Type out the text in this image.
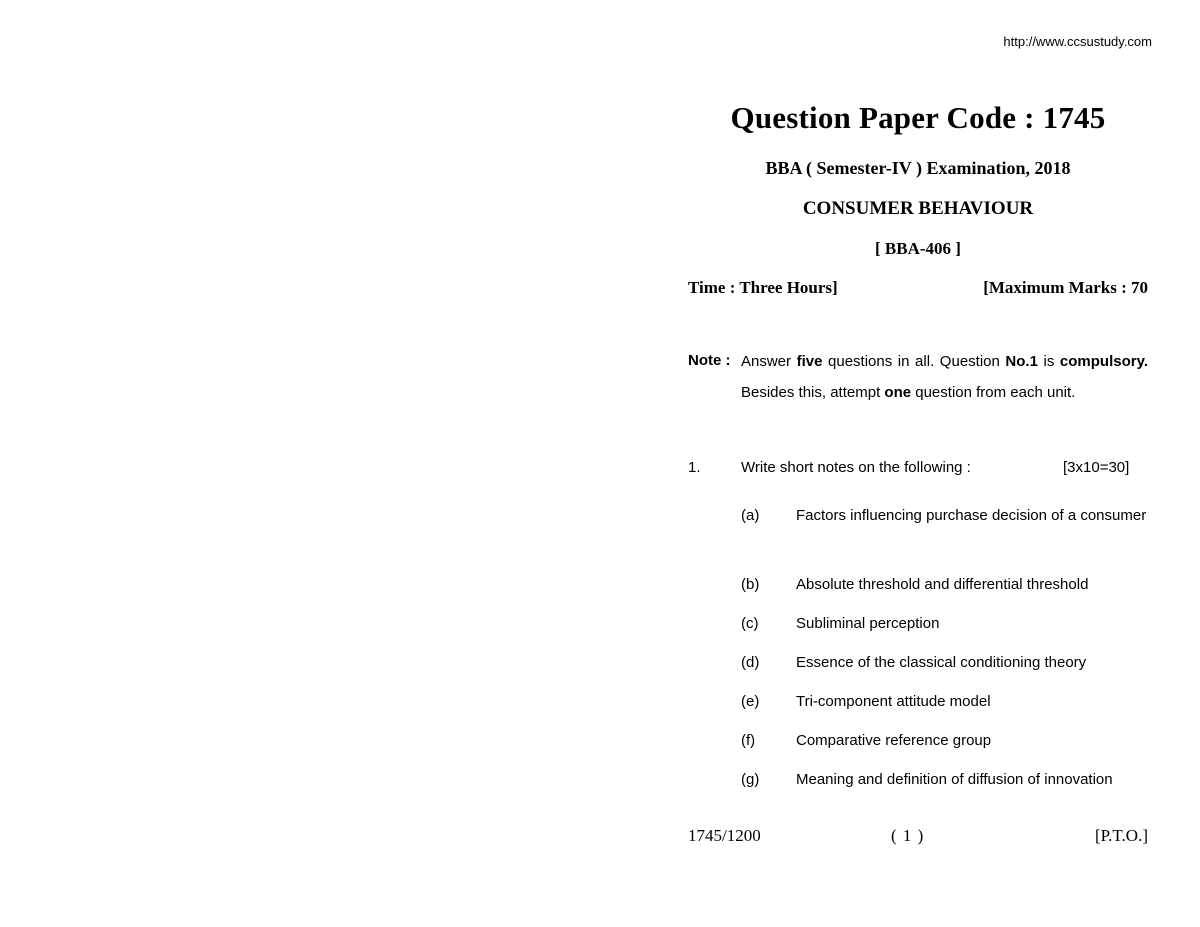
http://www.ccsustudy.com
Question Paper Code : 1745
BBA ( Semester-IV ) Examination, 2018
CONSUMER BEHAVIOUR
[ BBA-406 ]
Time : Three Hours]	[Maximum Marks : 70
Note : Answer five questions in all. Question No.1 is compulsory. Besides this, attempt one question from each unit.
1.	Write short notes on the following :	[3x10=30]
(a) Factors influencing purchase decision of a consumer
(b) Absolute threshold and differential threshold
(c)	Subliminal perception
(d) Essence of the classical conditioning theory
(e) Tri-component attitude model
(f)	Comparative reference group
(g) Meaning and definition of diffusion of innovation
1745/1200	( 1 )	[P.T.O.]
